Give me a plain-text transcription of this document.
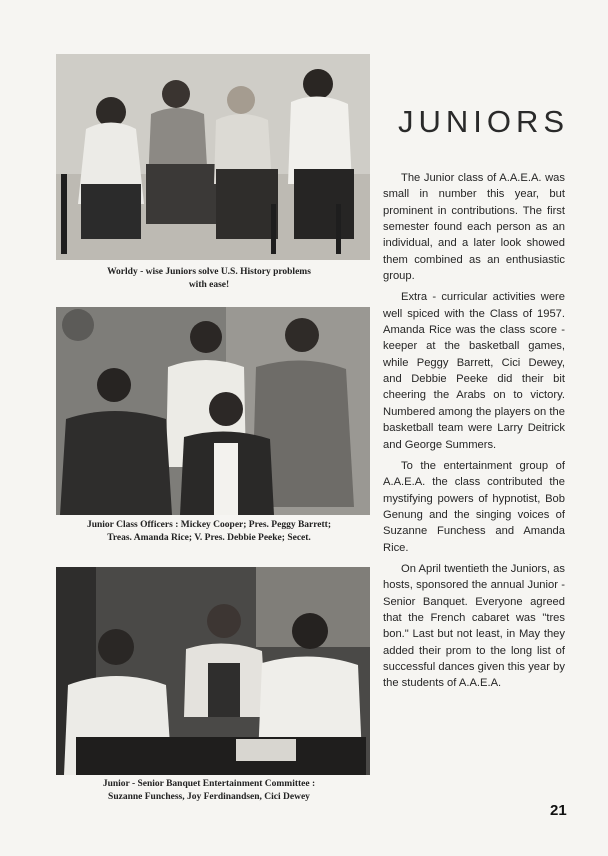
Worldy - wise Juniors solve U.S. History problems
with ease!
Junior Class Officers : Mickey Cooper; Pres. Peggy Barrett;
Treas. Amanda Rice; V. Pres. Debbie Peeke; Secet.
Junior - Senior Banquet Entertainment Committee :
Suzanne Funchess, Joy Ferdinandsen, Cici Dewey
JUNIORS

The Junior class of A.A.E.A. was small in number this year, but prominent in contributions. The first semester found each person as an individual, and a later look showed them combined as an enthusiastic group.

Extra - curricular activities were well spiced with the Class of 1957. Amanda Rice was the class score - keeper at the basketball games, while Peggy Barrett, Cici Dewey, and Debbie Peeke did their bit cheering the Arabs on to victory. Numbered among the players on the basketball team were Larry Deitrick and George Summers.

To the entertainment group of A.A.E.A. the class contributed the mystifying powers of hypnotist, Bob Genung and the singing voices of Suzanne Funchess and Amanda Rice.

On April twentieth the Juniors, as hosts, sponsored the annual Junior - Senior Banquet. Everyone agreed that the French cabaret was "tres bon." Last but not least, in May they added their prom to the long list of successful dances given this year by the students of A.A.E.A.

21
